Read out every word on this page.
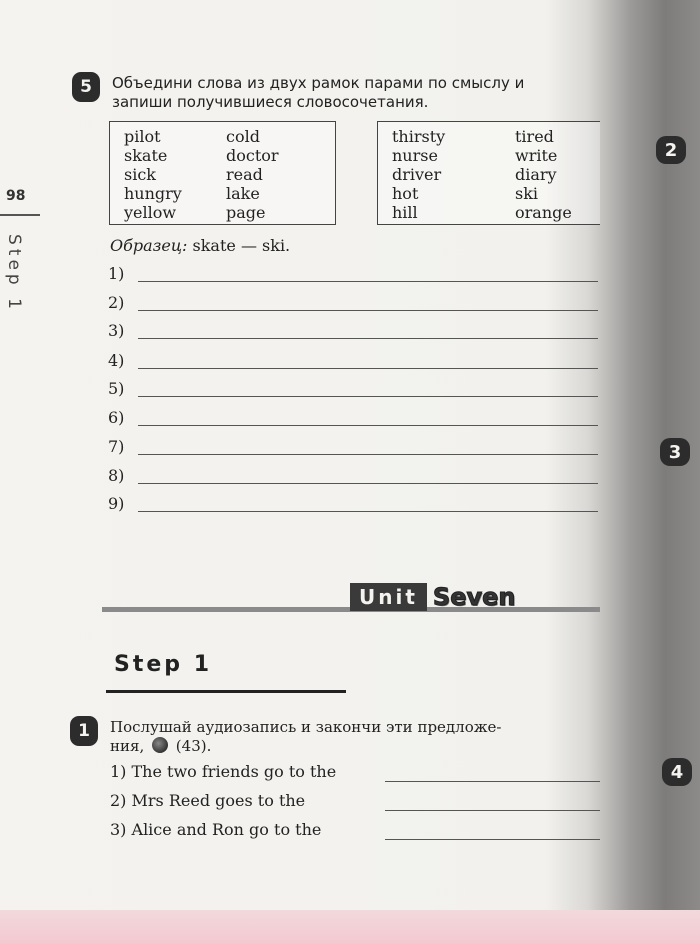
98
Step 1
2
3
4
5	Объедини слова из двух рамок парами по смыслу и
запиши получившиеся словосочетания.
pilot
skate
sick
hungry
yellow
cold
doctor
read
lake
page
thirsty
nurse
driver
hot
hill
tired
write
diary
ski
orange
Образец: skate — ski.
1)
2)
3)
4)
5)
6)
7)
8)
9)
Unit Seven
Step 1
1	Послушай аудиозапись и закончи эти предложе-
ния, (43).
1) The two friends go to the
2) Mrs Reed goes to the
3) Alice and Ron go to the
